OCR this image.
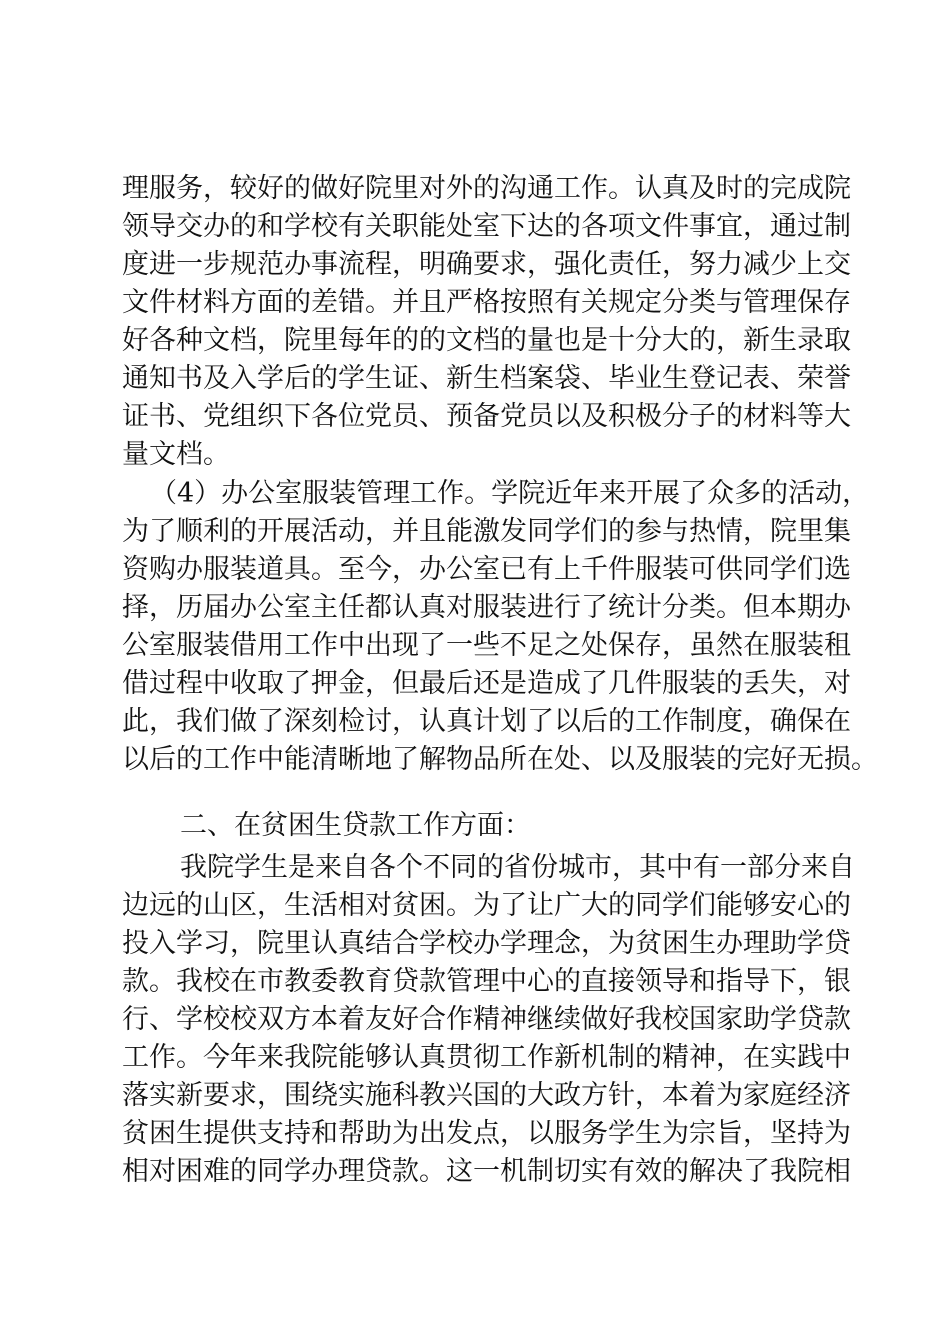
理服务，较好的做好院里对外的沟通工作。认真及时的完成院
领导交办的和学校有关职能处室下达的各项文件事宜，通过制
度进一步规范办事流程，明确要求，强化责任，努力减少上交
文件材料方面的差错。并且严格按照有关规定分类与管理保存
好各种文档，院里每年的的文档的量也是十分大的，新生录取
通知书及入学后的学生证、新生档案袋、毕业生登记表、荣誉
证书、党组织下各位党员、预备党员以及积极分子的材料等大
量文档。
（4）办公室服装管理工作。学院近年来开展了众多的活动，
为了顺利的开展活动，并且能激发同学们的参与热情，院里集
资购办服装道具。至今，办公室已有上千件服装可供同学们选
择，历届办公室主任都认真对服装进行了统计分类。但本期办
公室服装借用工作中出现了一些不足之处保存，虽然在服装租
借过程中收取了押金，但最后还是造成了几件服装的丢失，对
此，我们做了深刻检讨，认真计划了以后的工作制度，确保在
以后的工作中能清晰地了解物品所在处、以及服装的完好无损。
二、在贫困生贷款工作方面：
我院学生是来自各个不同的省份城市，其中有一部分来自
边远的山区，生活相对贫困。为了让广大的同学们能够安心的
投入学习，院里认真结合学校办学理念，为贫困生办理助学贷
款。我校在市教委教育贷款管理中心的直接领导和指导下，银
行、学校校双方本着友好合作精神继续做好我校国家助学贷款
工作。今年来我院能够认真贯彻工作新机制的精神，在实践中
落实新要求，围绕实施科教兴国的大政方针，本着为家庭经济
贫困生提供支持和帮助为出发点，以服务学生为宗旨，坚持为
相对困难的同学办理贷款。这一机制切实有效的解决了我院相
